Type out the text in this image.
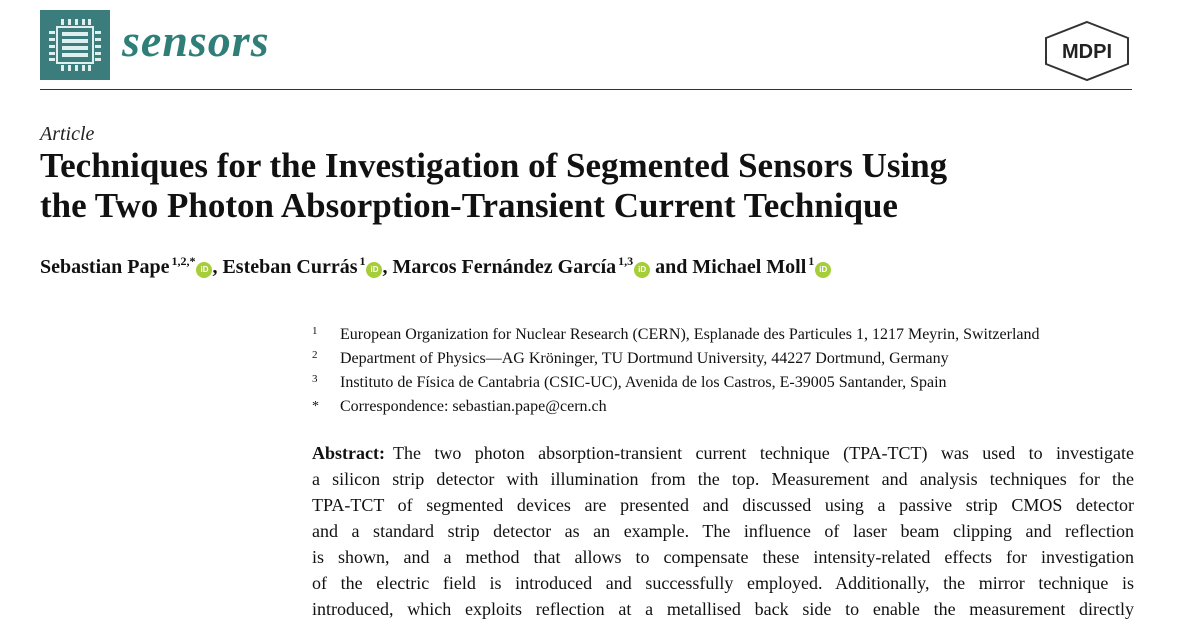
sensors	MDPI
Article
Techniques for the Investigation of Segmented Sensors Using
the Two Photon Absorption-Transient Current Technique
Sebastian Pape $^{1,2,*}$iD , Esteban Currás $^1$iD , Marcos Fernández García $^{1,3}$iD and Michael Moll $^1$iD
1 European Organization for Nuclear Research (CERN), Esplanade des Particules 1, 1217 Meyrin, Switzerland
2 Department of Physics—AG Kröninger, TU Dortmund University, 44227 Dortmund, Germany
3 Instituto de Física de Cantabria (CSIC-UC), Avenida de los Castros, E-39005 Santander, Spain
* Correspondence: sebastian.pape@cern.ch
Abstract: The two photon absorption-transient current technique (TPA-TCT) was used to investigate
a silicon strip detector with illumination from the top. Measurement and analysis techniques for the
TPA-TCT of segmented devices are presented and discussed using a passive strip CMOS detector
and a standard strip detector as an example. The influence of laser beam clipping and reflection
is shown, and a method that allows to compensate these intensity-related effects for investigation
of the electric field is introduced and successfully employed. Additionally, the mirror technique is
introduced, which exploits reflection at a metallised back side to enable the measurement directly
